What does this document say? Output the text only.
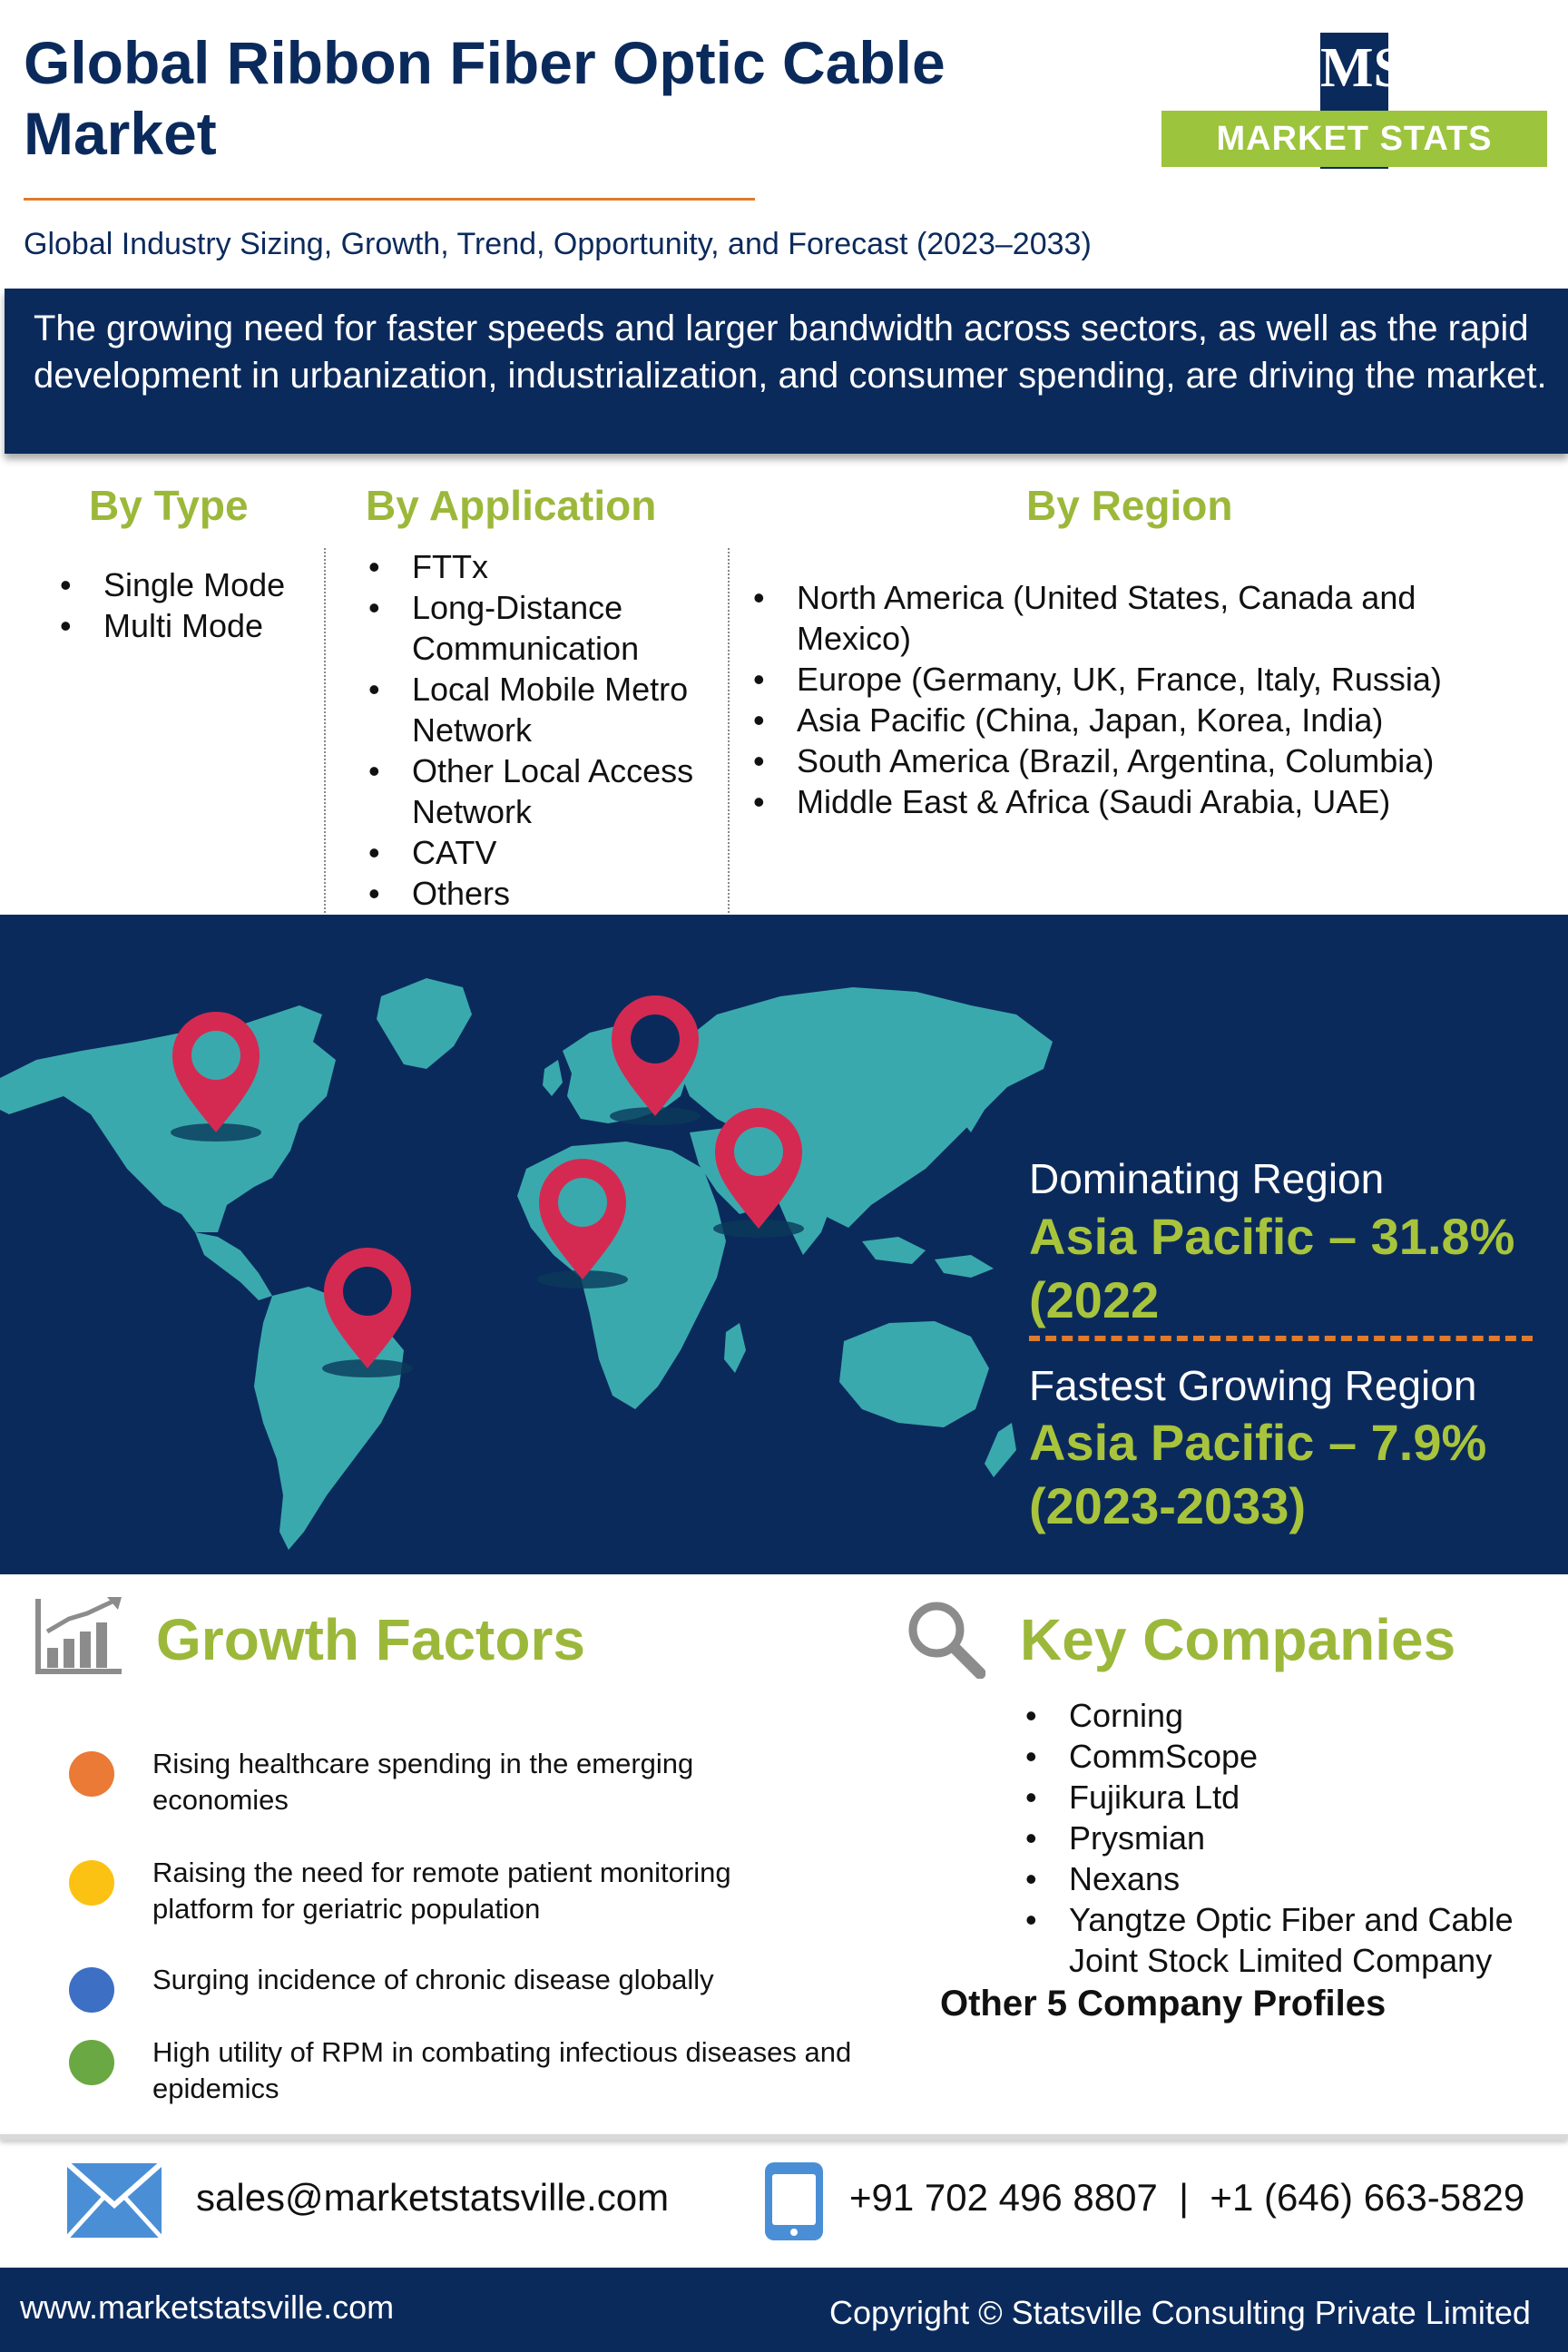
Global Ribbon Fiber Optic Cable Market
Global Industry Sizing, Growth, Trend, Opportunity, and Forecast (2023–2033)
MS
MARKET STATS VILLE
The growing need for faster speeds and larger bandwidth across sectors, as well as the rapid development in urbanization, industrialization, and consumer spending, are driving the market.
By Type
• Single Mode
• Multi Mode
By Application
• FTTx
• Long-Distance Communication
• Local Mobile Metro Network
• Other Local Access Network
• CATV
• Others
By Region
• North America (United States, Canada and Mexico)
• Europe (Germany, UK, France, Italy, Russia)
• Asia Pacific (China, Japan, Korea, India)
• South America (Brazil, Argentina, Columbia)
• Middle East & Africa (Saudi Arabia, UAE)
Dominating Region
Asia Pacific – 31.8%
(2022
Fastest Growing Region
Asia Pacific – 7.9%
(2023-2033)
Growth Factors
Rising healthcare spending in the emerging economies
Raising the need for remote patient monitoring platform for geriatric population
Surging incidence of chronic disease globally
High utility of RPM in combating infectious diseases and epidemics
Key Companies
• Corning
• CommScope
• Fujikura Ltd
• Prysmian
• Nexans
• Yangtze Optic Fiber and Cable Joint Stock Limited Company
Other 5 Company Profiles
sales@marketstatsville.com	+91 702 496 8807  |  +1 (646) 663-5829
www.marketstatsville.com	Copyright © Statsville Consulting Private Limited
